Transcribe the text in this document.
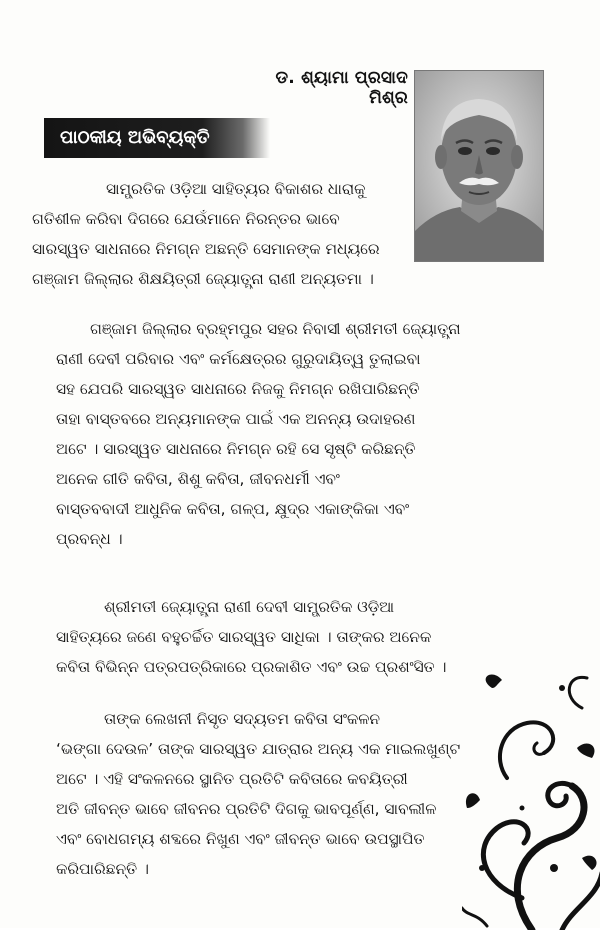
ଡ. ଶ୍ୟାମା ପ୍ରସାଦ ମିଶ୍ର
ପାଠକୀୟ ଅଭିବ୍ୟକ୍ତି
ସାମ୍ପ୍ରତିକ ଓଡ଼ିଆ ସାହିତ୍ୟର ବିକାଶର ଧାରାକୁ
ଗତିଶୀଳ କରିବା ଦିଗରେ ଯେଉଁମାନେ ନିରନ୍ତର ଭାବେ
ସାରସ୍ୱତ ସାଧନାରେ ନିମଗ୍ନ ଅଛନ୍ତି ସେମାନଙ୍କ ମଧ୍ୟରେ
ଗଞ୍ଜାମ ଜିଲ୍ଲାର ଶିକ୍ଷୟିତ୍ରୀ ଜ୍ୟୋତ୍ସ୍ନା ରାଣୀ ଅନ୍ୟତମା ।
ଗଞ୍ଜାମ ଜିଲ୍ଲାର ବ୍ରହ୍ମପୁର ସହର ନିବାସୀ ଶ୍ରୀମତୀ ଜ୍ୟୋତ୍ସ୍ନା
ରାଣୀ ଦେବୀ ପରିବାର ଏବଂ କର୍ମକ୍ଷେତ୍ରର ଗୁରୁଦାୟିତ୍ୱ ତୁଲାଇବା
ସହ ଯେପରି ସାରସ୍ୱତ ସାଧନାରେ ନିଜକୁ ନିମଗ୍ନ ରଖିପାରିଛନ୍ତି
ତାହା ବାସ୍ତବରେ ଅନ୍ୟମାନଙ୍କ ପାଇଁ ଏକ ଅନନ୍ୟ ଉଦାହରଣ
ଅଟେ । ସାରସ୍ୱତ ସାଧନାରେ ନିମଗ୍ନ ରହି ସେ ସୃଷ୍ଟି କରିଛନ୍ତି
ଅନେକ ଗୀତି କବିତା, ଶିଶୁ କବିତା, ଜୀବନଧର୍ମୀ ଏବଂ
ବାସ୍ତବବାଦୀ ଆଧୁନିକ କବିତା, ଗଳ୍ପ, କ୍ଷୁଦ୍ର ଏକାଙ୍କିକା ଏବଂ
ପ୍ରବନ୍ଧ ।
ଶ୍ରୀମତୀ ଜ୍ୟୋତ୍ସ୍ନା ରାଣୀ ଦେବୀ ସାମ୍ପ୍ରତିକ ଓଡ଼ିଆ
ସାହିତ୍ୟରେ ଜଣେ ବହୁଚର୍ଚ୍ଚିତ ସାରସ୍ୱତ ସାଧିକା । ତାଙ୍କର ଅନେକ
କବିତା ବିଭିନ୍ନ ପତ୍ରପତ୍ରିକାରେ ପ୍ରକାଶିତ ଏବଂ ଉଚ୍ଚ ପ୍ରଶଂସିତ ।
ତାଙ୍କ ଲେଖନୀ ନିସୃତ ସଦ୍ୟତମ କବିତା ସଂକଳନ
‘ଭଙ୍ଗା ଦେଉଳ’ ତାଙ୍କ ସାରସ୍ୱତ ଯାତ୍ରାର ଅନ୍ୟ ଏକ ମାଇଲଖୁଣ୍ଟ
ଅଟେ । ଏହି ସଂକଳନରେ ସ୍ଥାନିତ ପ୍ରତିଟି କବିତାରେ କବୟିତ୍ରୀ
ଅତି ଜୀବନ୍ତ ଭାବେ ଜୀବନର ପ୍ରତିଟି ଦିଗକୁ ଭାବପୂର୍ଣ୍ଣ, ସାବଲୀଳ
ଏବଂ ବୋଧଗମ୍ୟ ଶବ୍ଦରେ ନିଖୁଣ ଏବଂ ଜୀବନ୍ତ ଭାବେ ଉପସ୍ଥାପିତ
କରିପାରିଛନ୍ତି ।
